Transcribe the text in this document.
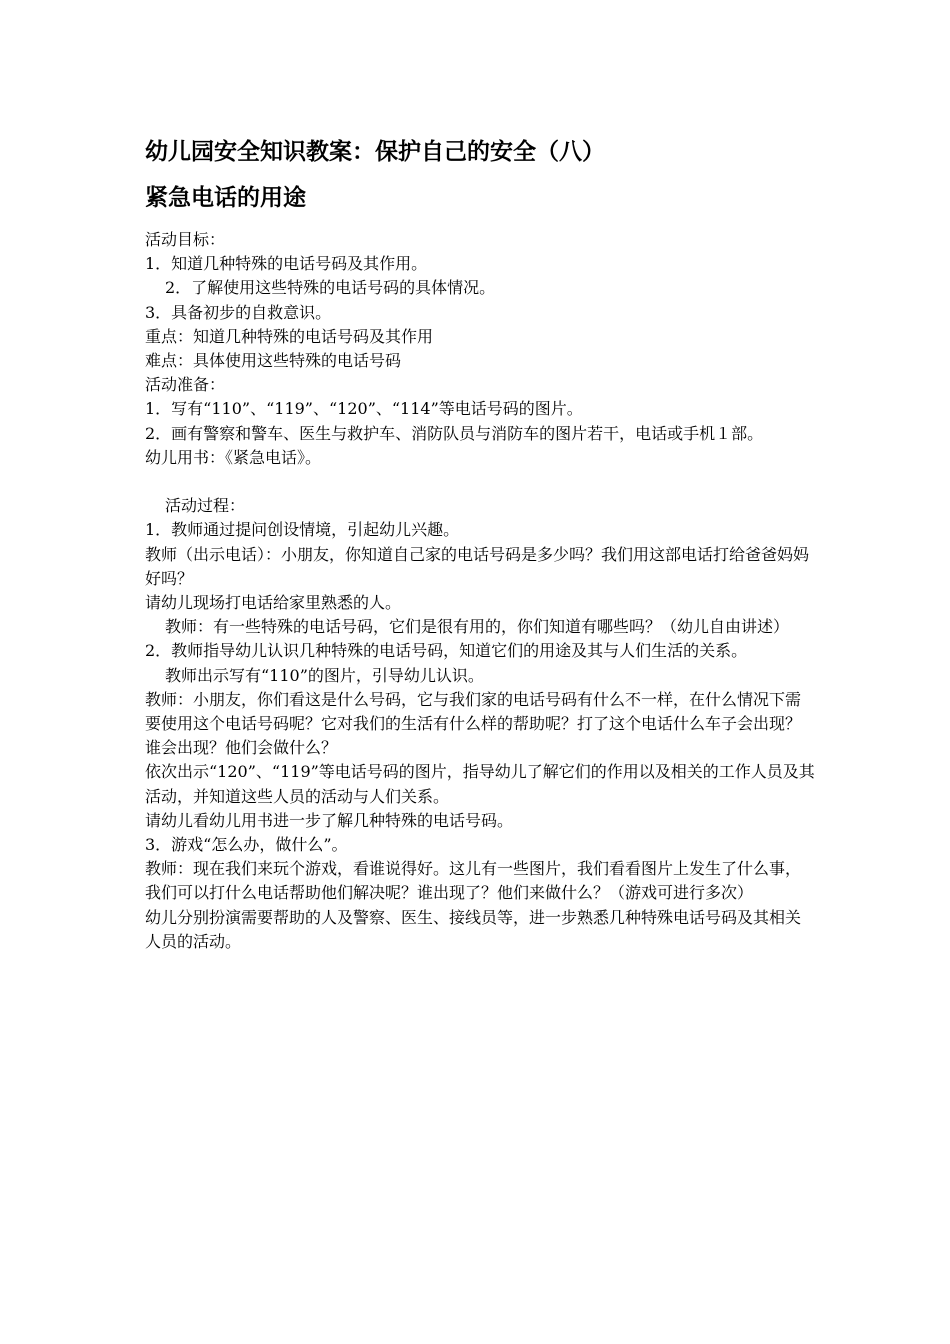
幼儿园安全知识教案：保护自己的安全（八）
紧急电话的用途
活动目标：
1．知道几种特殊的电话号码及其作用。
2．了解使用这些特殊的电话号码的具体情况。
3．具备初步的自救意识。
重点：知道几种特殊的电话号码及其作用
难点：具体使用这些特殊的电话号码
活动准备：
1．写有“110”、“119”、“120”、“114”等电话号码的图片。
2．画有警察和警车、医生与救护车、消防队员与消防车的图片若干，电话或手机１部。
幼儿用书：《紧急电话》。
活动过程：
1．教师通过提问创设情境，引起幼儿兴趣。
教师（出示电话）：小朋友，你知道自己家的电话号码是多少吗？我们用这部电话打给爸爸妈妈好吗？
请幼儿现场打电话给家里熟悉的人。
教师：有一些特殊的电话号码，它们是很有用的，你们知道有哪些吗？（幼儿自由讲述）
2．教师指导幼儿认识几种特殊的电话号码，知道它们的用途及其与人们生活的关系。
教师出示写有“110”的图片，引导幼儿认识。
教师：小朋友，你们看这是什么号码，它与我们家的电话号码有什么不一样，在什么情况下需要使用这个电话号码呢？它对我们的生活有什么样的帮助呢？打了这个电话什么车子会出现？谁会出现？他们会做什么？
依次出示“120”、“119”等电话号码的图片，指导幼儿了解它们的作用以及相关的工作人员及其活动，并知道这些人员的活动与人们关系。
请幼儿看幼儿用书进一步了解几种特殊的电话号码。
3．游戏“怎么办，做什么”。
教师：现在我们来玩个游戏，看谁说得好。这儿有一些图片，我们看看图片上发生了什么事，我们可以打什么电话帮助他们解决呢？谁出现了？他们来做什么？（游戏可进行多次）
幼儿分别扮演需要帮助的人及警察、医生、接线员等，进一步熟悉几种特殊电话号码及其相关人员的活动。
